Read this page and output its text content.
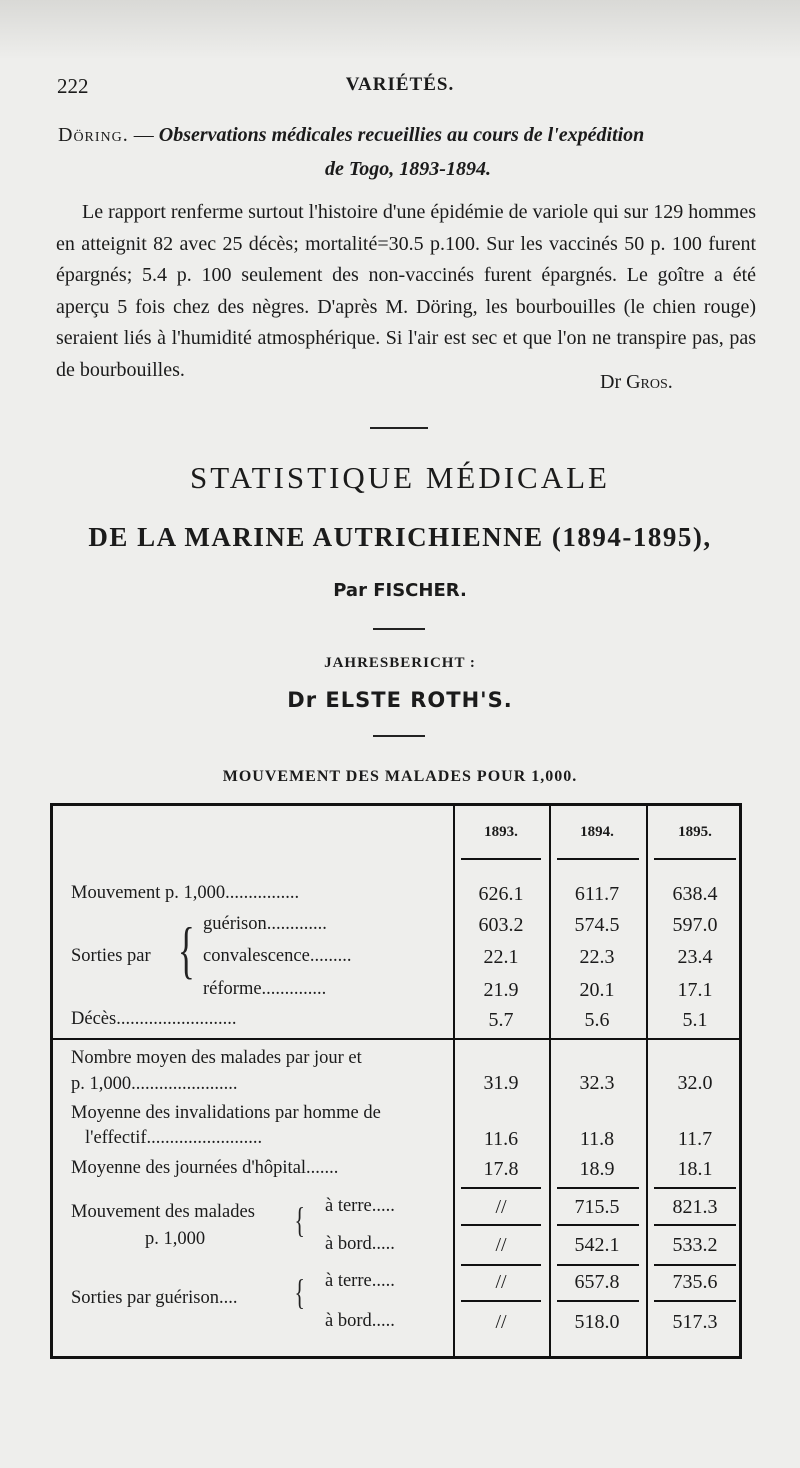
222	VARIÉTÉS.
Döring. — Observations médicales recueillies au cours de l'expédition
de Togo, 1893-1894.

Le rapport renferme surtout l'histoire d'une épidémie de variole qui sur 129 hommes en atteignit 82 avec 25 décès; mortalité=30.5 p.100. Sur les vaccinés 50 p. 100 furent épargnés; 5.4 p. 100 seulement des non-vaccinés furent épargnés. Le goître a été aperçu 5 fois chez des nègres. D'après M. Döring, les bourbouilles (le chien rouge) seraient liés à l'humidité atmosphérique. Si l'air est sec et que l'on ne transpire pas, pas de bourbouilles.

Dr Gros.
STATISTIQUE MÉDICALE
DE LA MARINE AUTRICHIENNE (1894-1895),
Par FISCHER.
JAHRESBERICHT :
Dr ELSTE ROTH'S.
MOUVEMENT DES MALADES POUR 1,000.
1893.	1894.	1895.
Mouvement p. 1,000................	626.1	611.7	638.4
Sorties par { guérison.............	603.2	574.5	597.0
convalescence.........	22.1	22.3	23.4
réforme..............	21.9	20.1	17.1
Décès..........................	5.7	5.6	5.1
Nombre moyen des malades par jour et
p. 1,000.......................	31.9	32.3	32.0
Moyenne des invalidations par homme de
l'effectif.........................	11.6	11.8	11.7
Moyenne des journées d'hôpital.......	17.8	18.9	18.1
Mouvement des malades
p. 1,000 { à terre.....	//	715.5	821.3
à bord.....	//	542.1	533.2
Sorties par guérison.... { à terre.....	//	657.8	735.6
à bord.....	//	518.0	517.3
